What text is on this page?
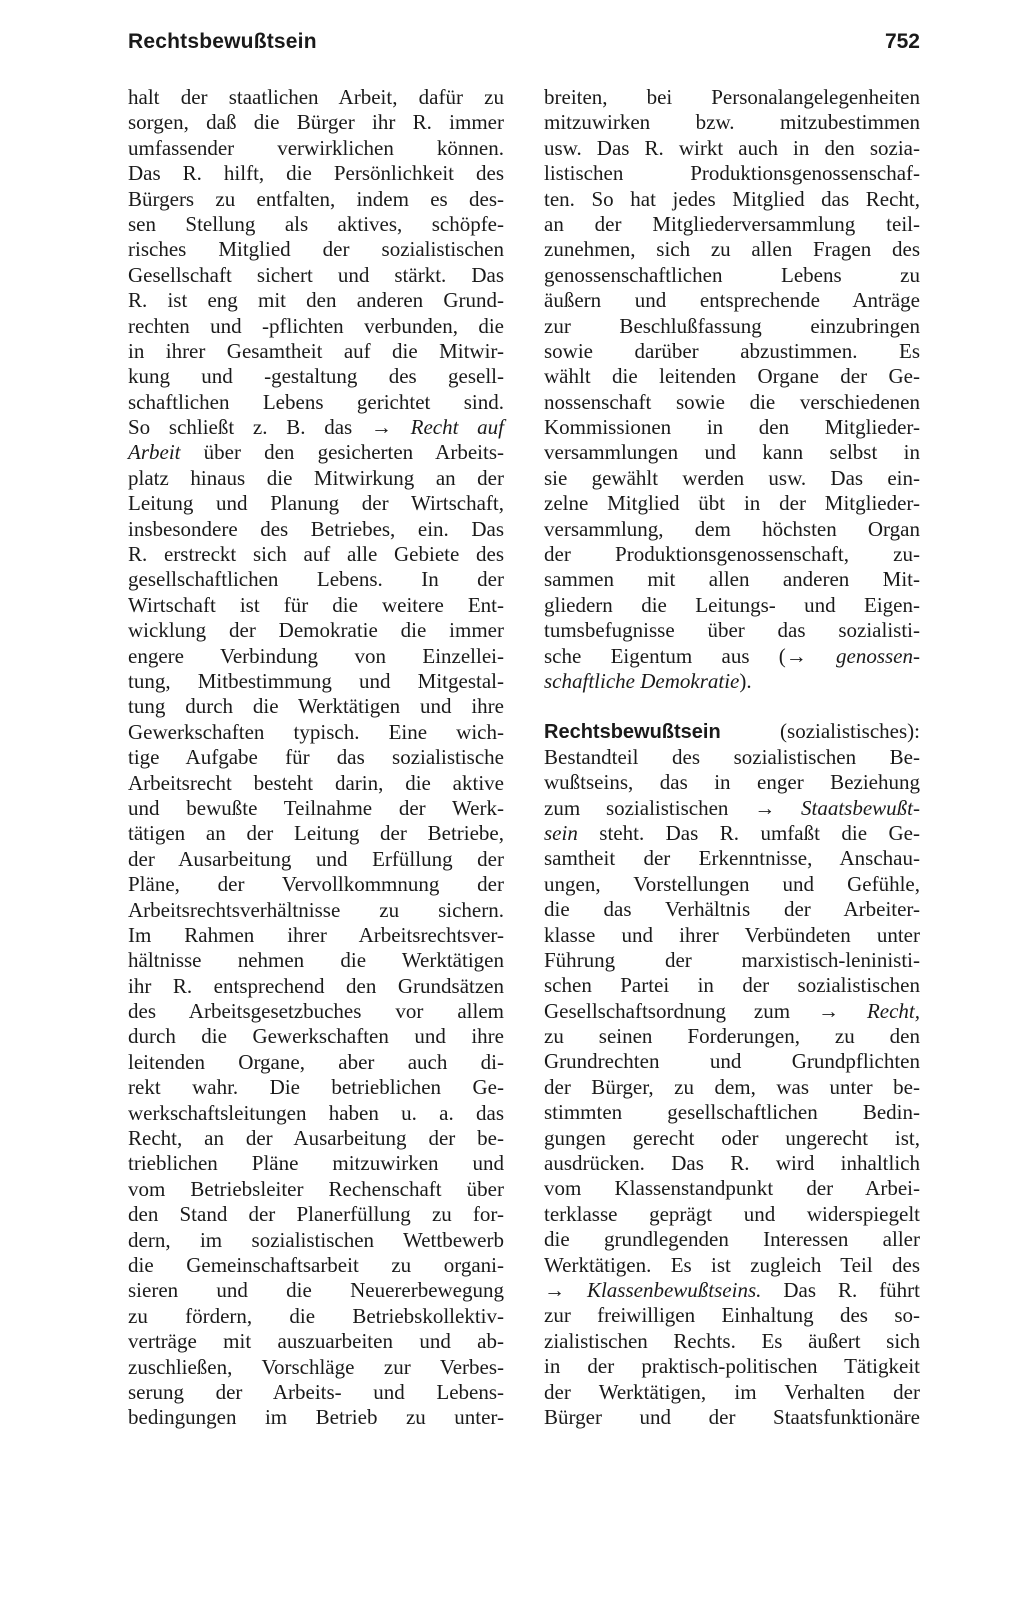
Rechtsbewußtsein	752
halt der staatlichen Arbeit, dafür zu
sorgen, daß die Bürger ihr R. immer
umfassender verwirklichen können.
Das R. hilft, die Persönlichkeit des
Bürgers zu entfalten, indem es des-
sen Stellung als aktives, schöpfe-
risches Mitglied der sozialistischen
Gesellschaft sichert und stärkt. Das
R. ist eng mit den anderen Grund-
rechten und -pflichten verbunden, die
in ihrer Gesamtheit auf die Mitwir-
kung und -gestaltung des gesell-
schaftlichen Lebens gerichtet sind.
So schließt z. B. das → Recht auf
Arbeit über den gesicherten Arbeits-
platz hinaus die Mitwirkung an der
Leitung und Planung der Wirtschaft,
insbesondere des Betriebes, ein. Das
R. erstreckt sich auf alle Gebiete des
gesellschaftlichen Lebens. In der
Wirtschaft ist für die weitere Ent-
wicklung der Demokratie die immer
engere Verbindung von Einzellei-
tung, Mitbestimmung und Mitgestal-
tung durch die Werktätigen und ihre
Gewerkschaften typisch. Eine wich-
tige Aufgabe für das sozialistische
Arbeitsrecht besteht darin, die aktive
und bewußte Teilnahme der Werk-
tätigen an der Leitung der Betriebe,
der Ausarbeitung und Erfüllung der
Pläne, der Vervollkommnung der
Arbeitsrechtsverhältnisse zu sichern.
Im Rahmen ihrer Arbeitsrechtsver-
hältnisse nehmen die Werktätigen
ihr R. entsprechend den Grundsätzen
des Arbeitsgesetzbuches vor allem
durch die Gewerkschaften und ihre
leitenden Organe, aber auch di-
rekt wahr. Die betrieblichen Ge-
werkschaftsleitungen haben u. a. das
Recht, an der Ausarbeitung der be-
trieblichen Pläne mitzuwirken und
vom Betriebsleiter Rechenschaft über
den Stand der Planerfüllung zu for-
dern, im sozialistischen Wettbewerb
die Gemeinschaftsarbeit zu organi-
sieren und die Neuererbewegung
zu fördern, die Betriebskollektiv-
verträge mit auszuarbeiten und ab-
zuschließen, Vorschläge zur Verbes-
serung der Arbeits- und Lebens-
bedingungen im Betrieb zu unter-
breiten, bei Personalangelegenheiten
mitzuwirken bzw. mitzubestimmen
usw. Das R. wirkt auch in den sozia-
listischen Produktionsgenossenschaf-
ten. So hat jedes Mitglied das Recht,
an der Mitgliederversammlung teil-
zunehmen, sich zu allen Fragen des
genossenschaftlichen Lebens zu
äußern und entsprechende Anträge
zur Beschlußfassung einzubringen
sowie darüber abzustimmen. Es
wählt die leitenden Organe der Ge-
nossenschaft sowie die verschiedenen
Kommissionen in den Mitglieder-
versammlungen und kann selbst in
sie gewählt werden usw. Das ein-
zelne Mitglied übt in der Mitglieder-
versammlung, dem höchsten Organ
der Produktionsgenossenschaft, zu-
sammen mit allen anderen Mit-
gliedern die Leitungs- und Eigen-
tumsbefugnisse über das sozialisti-
sche Eigentum aus (→ genossen-
schaftliche Demokratie).
Rechtsbewußtsein (sozialistisches):
Bestandteil des sozialistischen Be-
wußtseins, das in enger Beziehung
zum sozialistischen → Staatsbewußt-
sein steht. Das R. umfaßt die Ge-
samtheit der Erkenntnisse, Anschau-
ungen, Vorstellungen und Gefühle,
die das Verhältnis der Arbeiter-
klasse und ihrer Verbündeten unter
Führung der marxistisch-leninisti-
schen Partei in der sozialistischen
Gesellschaftsordnung zum → Recht,
zu seinen Forderungen, zu den
Grundrechten und Grundpflichten
der Bürger, zu dem, was unter be-
stimmten gesellschaftlichen Bedin-
gungen gerecht oder ungerecht ist,
ausdrücken. Das R. wird inhaltlich
vom Klassenstandpunkt der Arbei-
terklasse geprägt und widerspiegelt
die grundlegenden Interessen aller
Werktätigen. Es ist zugleich Teil des
→ Klassenbewußtseins. Das R. führt
zur freiwilligen Einhaltung des so-
zialistischen Rechts. Es äußert sich
in der praktisch-politischen Tätigkeit
der Werktätigen, im Verhalten der
Bürger und der Staatsfunktionäre
